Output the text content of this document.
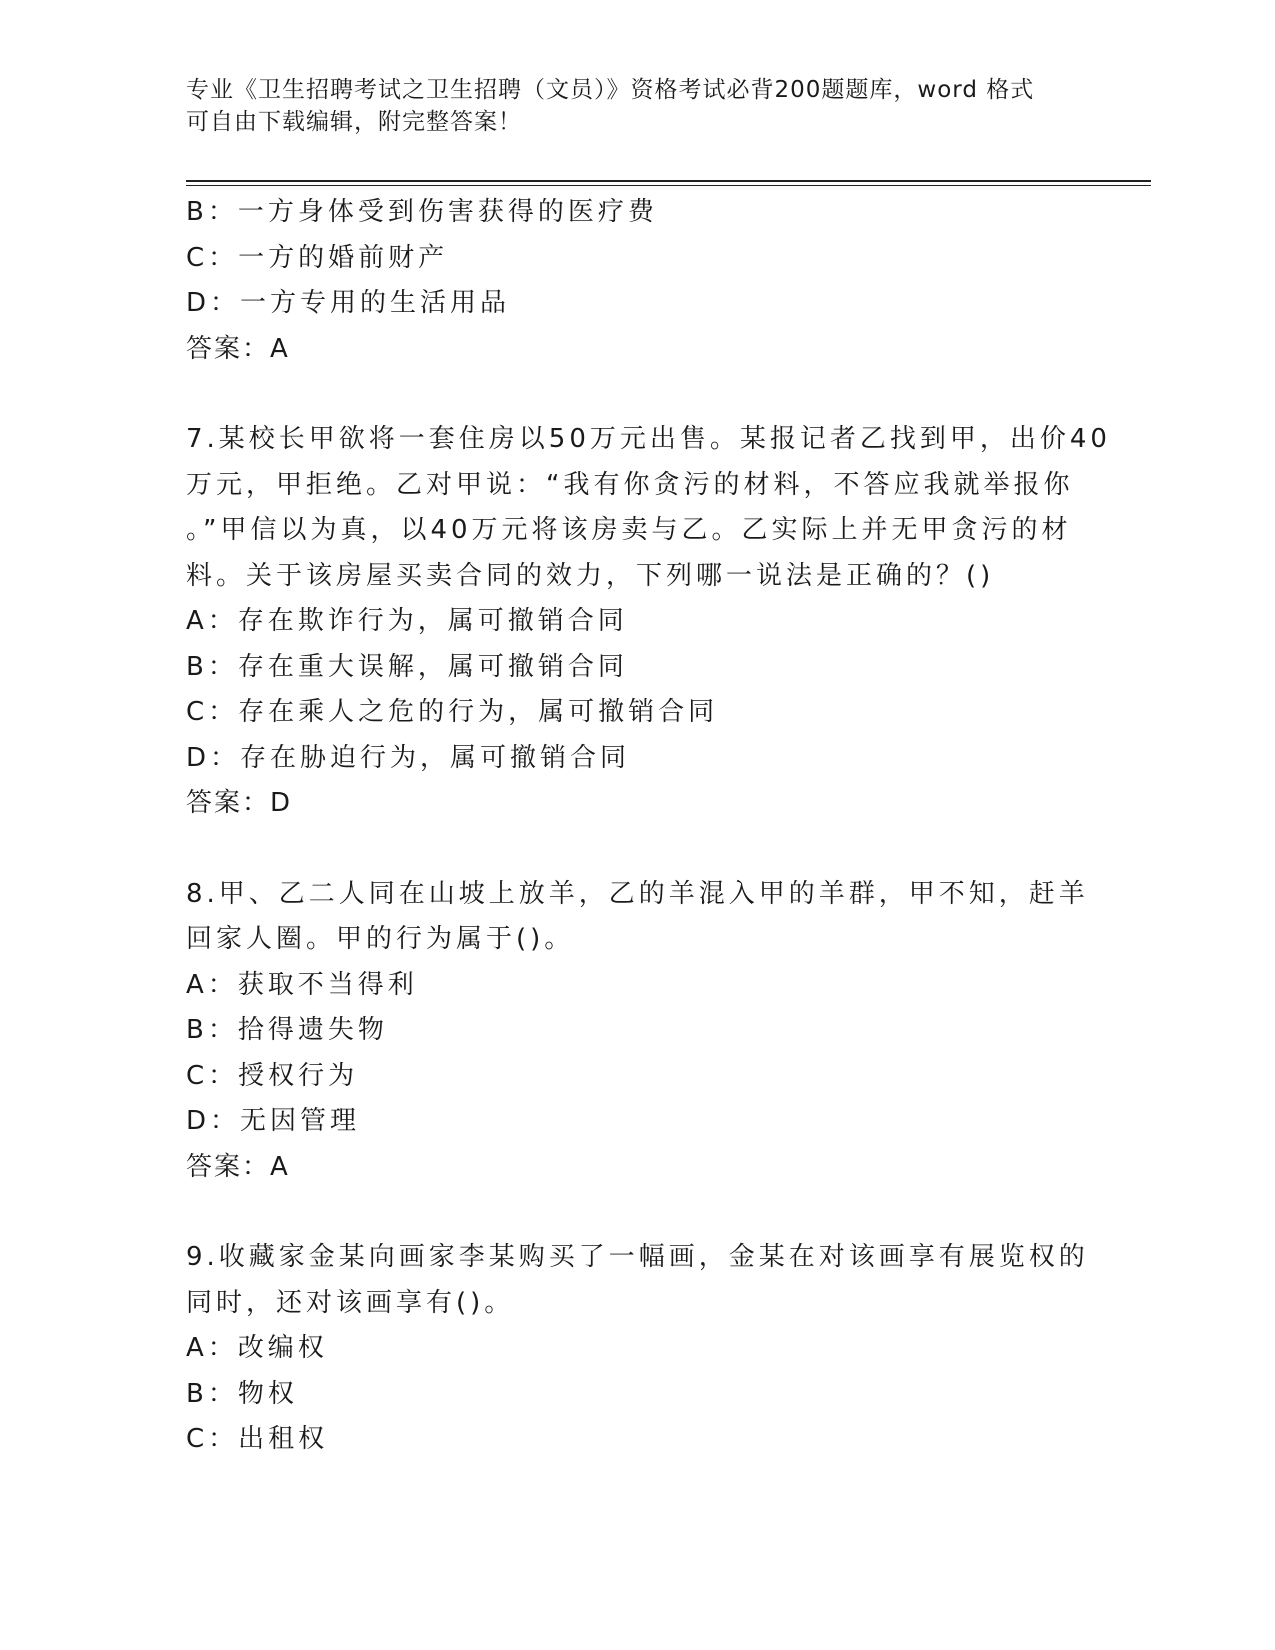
专业《卫生招聘考试之卫生招聘（文员）》资格考试必背200题题库，word 格式
可自由下载编辑，附完整答案！
B：一方身体受到伤害获得的医疗费
C：一方的婚前财产
D：一方专用的生活用品
答案：A
7.某校长甲欲将一套住房以50万元出售。某报记者乙找到甲，出价40
万元，甲拒绝。乙对甲说：“我有你贪污的材料，不答应我就举报你
。”甲信以为真，以40万元将该房卖与乙。乙实际上并无甲贪污的材
料。关于该房屋买卖合同的效力，下列哪一说法是正确的？()
A：存在欺诈行为，属可撤销合同
B：存在重大误解，属可撤销合同
C：存在乘人之危的行为，属可撤销合同
D：存在胁迫行为，属可撤销合同
答案：D
8.甲、乙二人同在山坡上放羊，乙的羊混入甲的羊群，甲不知，赶羊
回家人圈。甲的行为属于()。
A：获取不当得利
B：拾得遗失物
C：授权行为
D：无因管理
答案：A
9.收藏家金某向画家李某购买了一幅画，金某在对该画享有展览权的
同时，还对该画享有()。
A：改编权
B：物权
C：出租权
